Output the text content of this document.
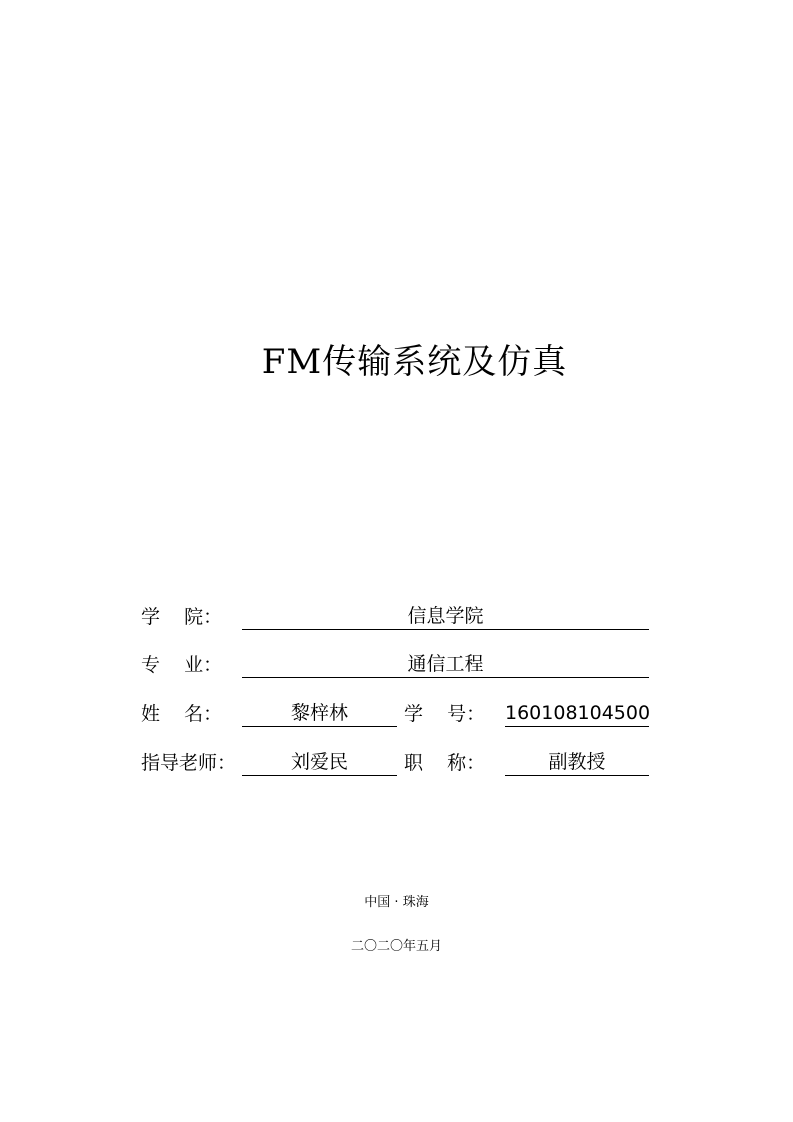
FM传输系统及仿真
学    院：	信息学院
专    业：	通信工程
姓    名：	黎梓林	学    号： 160108104500
指导老师：	刘爱民	职    称：	副教授
中国 · 珠海
二〇二〇年五月
